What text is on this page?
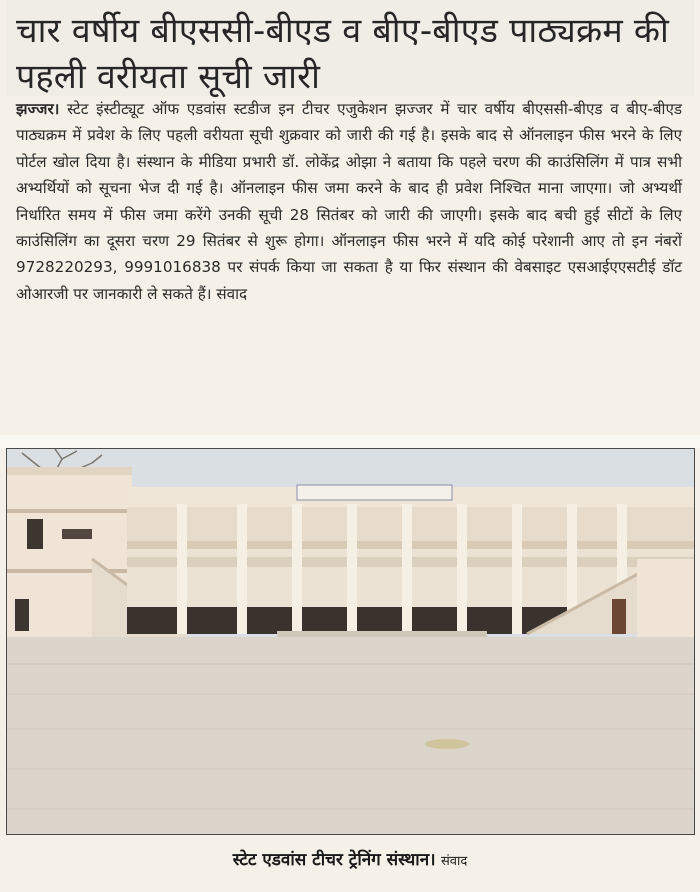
चार वर्षीय बीएससी-बीएड व बीए-बीएड पाठ्यक्रम की पहली वरीयता सूची जारी
झज्जर। स्टेट इंस्टीट्यूट ऑफ एडवांस स्टडीज इन टीचर एजुकेशन झज्जर में चार वर्षीय बीएससी-बीएड व बीए-बीएड पाठ्यक्रम में प्रवेश के लिए पहली वरीयता सूची शुक्रवार को जारी की गई है। इसके बाद से ऑनलाइन फीस भरने के लिए पोर्टल खोल दिया है। संस्थान के मीडिया प्रभारी डॉ. लोकेंद्र ओझा ने बताया कि पहले चरण की काउंसिलिंग में पात्र सभी अभ्यर्थियों को सूचना भेज दी गई है। ऑनलाइन फीस जमा करने के बाद ही प्रवेश निश्चित माना जाएगा। जो अभ्यर्थी निर्धारित समय में फीस जमा करेंगे उनकी सूची 28 सितंबर को जारी की जाएगी। इसके बाद बची हुई सीटों के लिए काउंसिलिंग का दूसरा चरण 29 सितंबर से शुरू होगा। ऑनलाइन फीस भरने में यदि कोई परेशानी आए तो इन नंबरों 9728220293, 9991016838 पर संपर्क किया जा सकता है या फिर संस्थान की वेबसाइट एसआईएएसटीई डॉट ओआरजी पर जानकारी ले सकते हैं। संवाद
स्टेट एडवांस टीचर ट्रेनिंग संस्थान। संवाद
